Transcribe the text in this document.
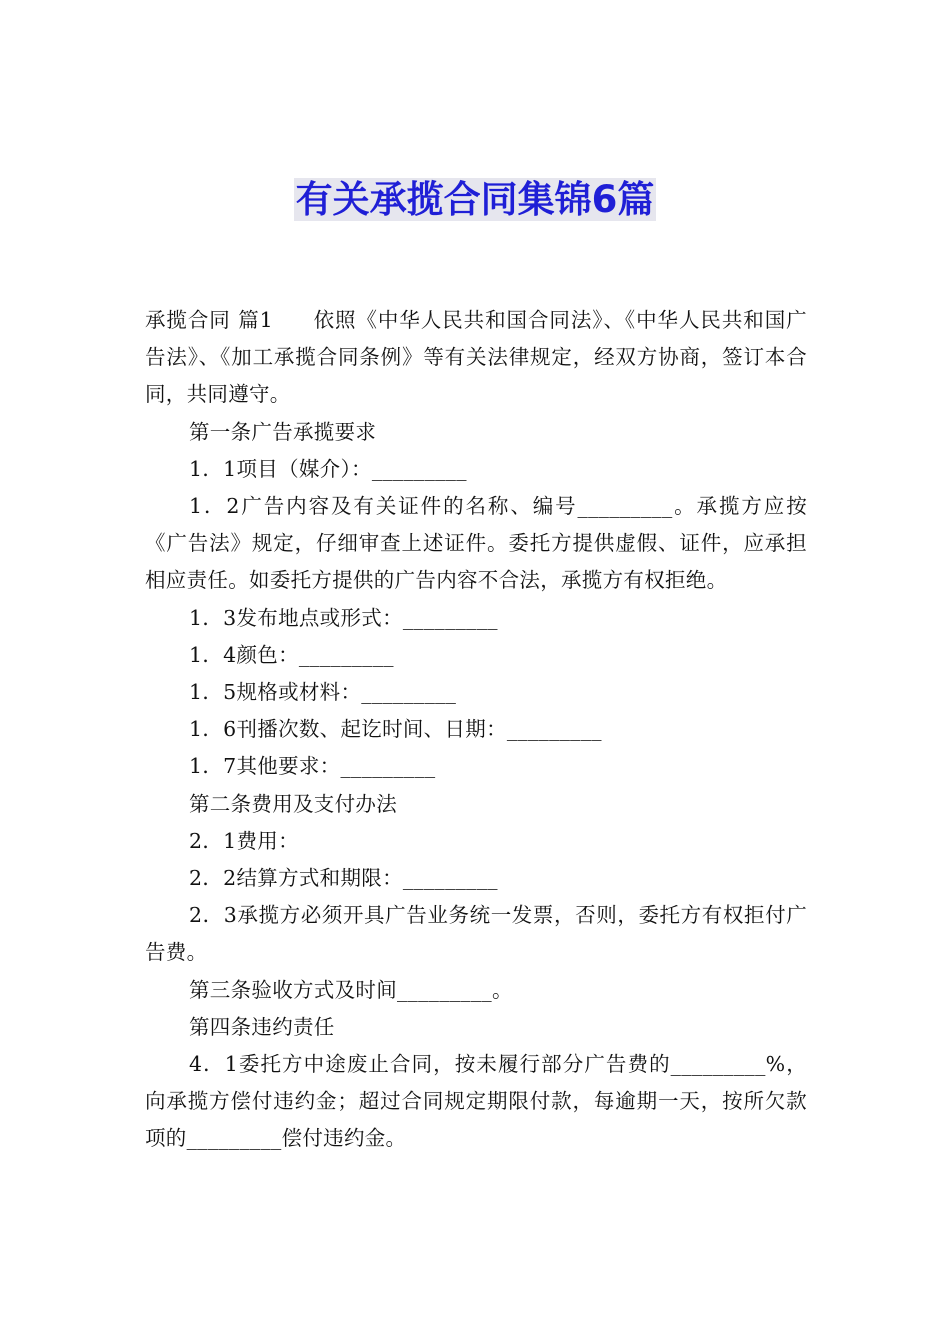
有关承揽合同集锦6篇

承揽合同 篇1 依照《中华人民共和国合同法》、《中华人民共和国广告法》、《加工承揽合同条例》等有关法律规定，经双方协商，签订本合同，共同遵守。

第一条广告承揽要求

1．1项目（媒介）：_________

1．2广告内容及有关证件的名称、编号_________。承揽方应按《广告法》规定，仔细审查上述证件。委托方提供虚假、证件，应承担相应责任。如委托方提供的广告内容不合法，承揽方有权拒绝。

1．3发布地点或形式：_________

1．4颜色：_________

1．5规格或材料：_________

1．6刊播次数、起讫时间、日期：_________

1．7其他要求：_________

第二条费用及支付办法

2．1费用：

2．2结算方式和期限：_________

2．3承揽方必须开具广告业务统一发票，否则，委托方有权拒付广告费。

第三条验收方式及时间_________。

第四条违约责任

4．1委托方中途废止合同，按未履行部分广告费的_________%，向承揽方偿付违约金；超过合同规定期限付款，每逾期一天，按所欠款项的_________偿付违约金。
